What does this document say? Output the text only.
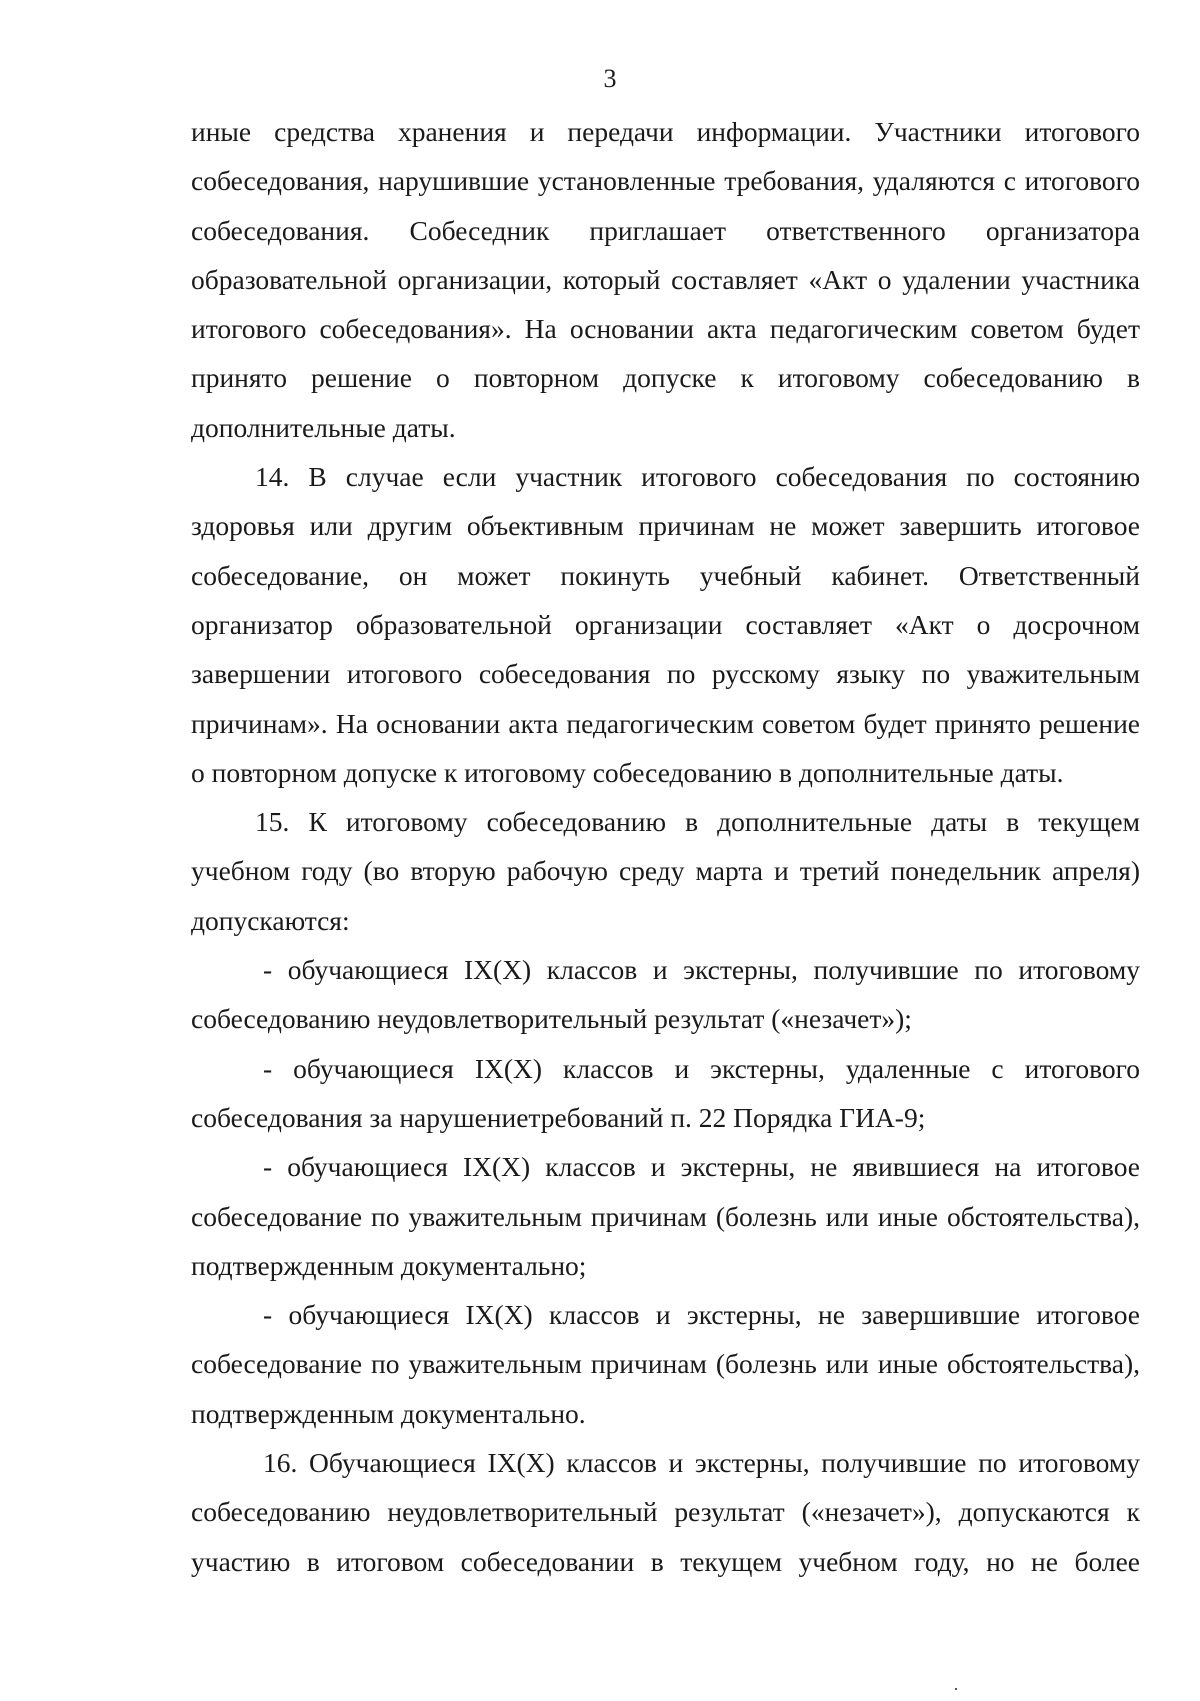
3

иные средства хранения и передачи информации. Участники итогового собеседования, нарушившие установленные требования, удаляются с итогового собеседования. Собеседник приглашает ответственного организатора образовательной организации, который составляет «Акт о удалении участника итогового собеседования». На основании акта педагогическим советом будет принято решение о повторном допуске к итоговому собеседованию в дополнительные даты.

14. В случае если участник итогового собеседования по состоянию здоровья или другим объективным причинам не может завершить итоговое собеседование, он может покинуть учебный кабинет. Ответственный организатор образовательной организации составляет «Акт о досрочном завершении итогового собеседования по русскому языку по уважительным причинам». На основании акта педагогическим советом будет принято решение о повторном допуске к итоговому собеседованию в дополнительные даты.

15. К итоговому собеседованию в дополнительные даты в текущем учебном году (во вторую рабочую среду марта и третий понедельник апреля) допускаются:

- обучающиеся IX(X) классов и экстерны, получившие по итоговому собеседованию неудовлетворительный результат («незачет»);

- обучающиеся IX(X) классов и экстерны, удаленные с итогового собеседования за нарушениетребований п. 22 Порядка ГИА-9;

- обучающиеся IX(X) классов и экстерны, не явившиеся на итоговое собеседование по уважительным причинам (болезнь или иные обстоятельства), подтвержденным документально;

- обучающиеся IX(X) классов и экстерны, не завершившие итоговое собеседование по уважительным причинам (болезнь или иные обстоятельства), подтвержденным документально.

16. Обучающиеся IX(X) классов и экстерны, получившие по итоговому собеседованию неудовлетворительный результат («незачет»), допускаются к участию в итоговом собеседовании в текущем учебном году, но не более
